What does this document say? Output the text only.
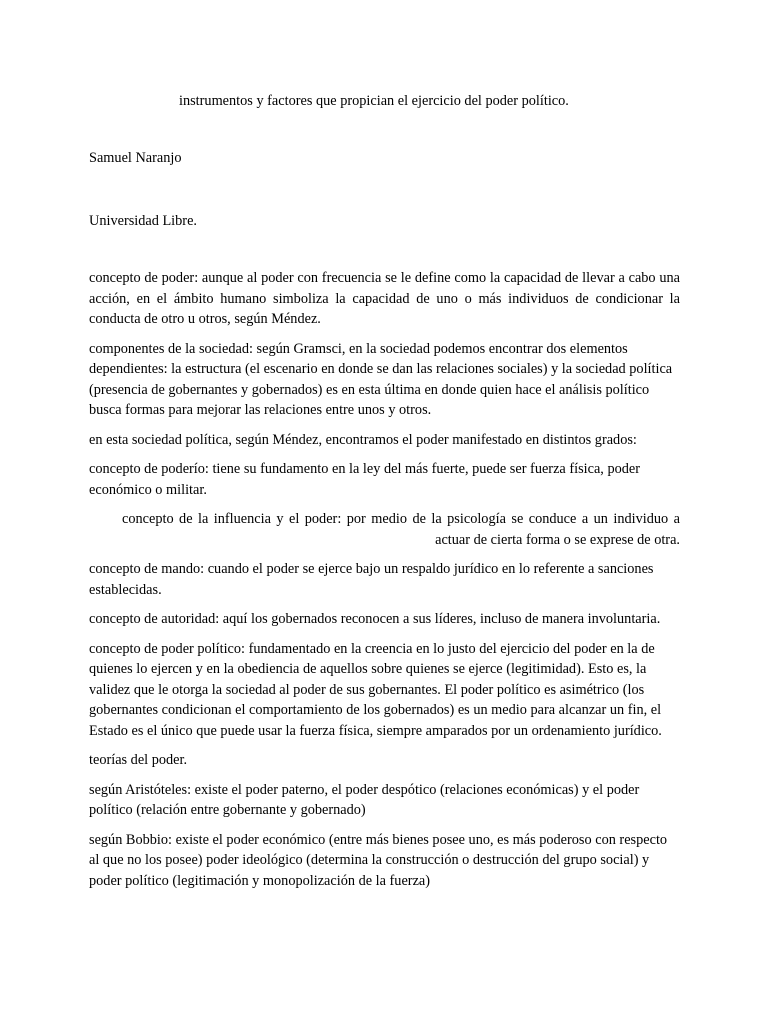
instrumentos y factores que propician el ejercicio del poder político.
Samuel Naranjo
Universidad Libre.

concepto de poder: aunque al poder con frecuencia se le define como la capacidad de llevar a cabo una acción, en el ámbito humano simboliza la capacidad de uno o más individuos de condicionar la conducta de otro u otros, según Méndez.

componentes de la sociedad: según Gramsci, en la sociedad podemos encontrar dos elementos dependientes: la estructura (el escenario en donde se dan las relaciones sociales) y la sociedad política (presencia de gobernantes y gobernados) es en esta última en donde quien hace el análisis político busca formas para mejorar las relaciones entre unos y otros.

en esta sociedad política, según Méndez, encontramos el poder manifestado en distintos grados:

concepto de poderío: tiene su fundamento en la ley del más fuerte, puede ser fuerza física, poder económico o militar.

concepto de la influencia y el poder: por medio de la psicología se conduce a un individuo a actuar de cierta forma o se exprese de otra.

concepto de mando: cuando el poder se ejerce bajo un respaldo jurídico en lo referente a sanciones establecidas.

concepto de autoridad: aquí los gobernados reconocen a sus líderes, incluso de manera involuntaria.

concepto de poder político: fundamentado en la creencia en lo justo del ejercicio del poder en la de quienes lo ejercen y en la obediencia de aquellos sobre quienes se ejerce (legitimidad). Esto es, la validez que le otorga la sociedad al poder de sus gobernantes. El poder político es asimétrico (los gobernantes condicionan el comportamiento de los gobernados) es un medio para alcanzar un fin, el Estado es el único que puede usar la fuerza física, siempre amparados por un ordenamiento jurídico.

teorías del poder.

según Aristóteles: existe el poder paterno, el poder despótico (relaciones económicas) y el poder político (relación entre gobernante y gobernado)

según Bobbio: existe el poder económico (entre más bienes posee uno, es más poderoso con respecto al que no los posee) poder ideológico (determina la construcción o destrucción del grupo social) y poder político (legitimación y monopolización de la fuerza)
